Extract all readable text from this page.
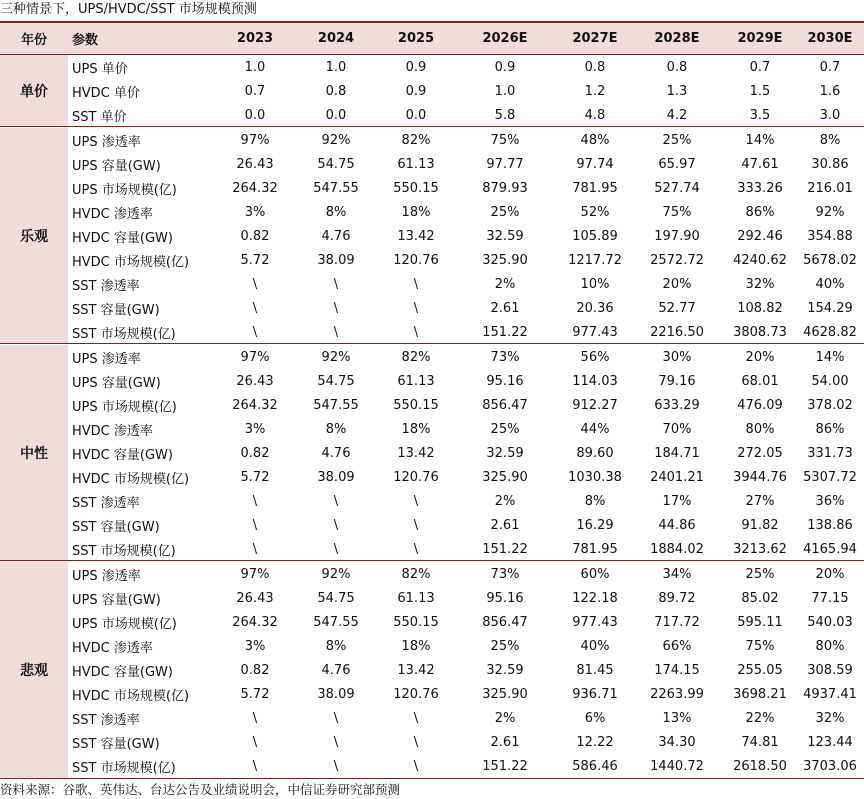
三种情景下，UPS/HVDC/SST 市场规模预测
年份	参数	2023	2024	2025	2026E	2027E	2028E	2029E	2030E
单价
UPS 单价	1.0	1.0	0.9	0.9	0.8	0.8	0.7	0.7
HVDC 单价	0.7	0.8	0.9	1.0	1.2	1.3	1.5	1.6
SST 单价	0.0	0.0	0.0	5.8	4.8	4.2	3.5	3.0
乐观
UPS 渗透率	97%	92%	82%	75%	48%	25%	14%	8%
UPS 容量(GW)	26.43	54.75	61.13	97.77	97.74	65.97	47.61	30.86
UPS 市场规模(亿)	264.32	547.55	550.15	879.93	781.95	527.74	333.26	216.01
HVDC 渗透率	3%	8%	18%	25%	52%	75%	86%	92%
HVDC 容量(GW)	0.82	4.76	13.42	32.59	105.89	197.90	292.46	354.88
HVDC 市场规模(亿)	5.72	38.09	120.76	325.90	1217.72	2572.72	4240.62	5678.02
SST 渗透率	\	\	\	2%	10%	20%	32%	40%
SST 容量(GW)	\	\	\	2.61	20.36	52.77	108.82	154.29
SST 市场规模(亿)	\	\	\	151.22	977.43	2216.50	3808.73	4628.82
中性
UPS 渗透率	97%	92%	82%	73%	56%	30%	20%	14%
UPS 容量(GW)	26.43	54.75	61.13	95.16	114.03	79.16	68.01	54.00
UPS 市场规模(亿)	264.32	547.55	550.15	856.47	912.27	633.29	476.09	378.02
HVDC 渗透率	3%	8%	18%	25%	44%	70%	80%	86%
HVDC 容量(GW)	0.82	4.76	13.42	32.59	89.60	184.71	272.05	331.73
HVDC 市场规模(亿)	5.72	38.09	120.76	325.90	1030.38	2401.21	3944.76	5307.72
SST 渗透率	\	\	\	2%	8%	17%	27%	36%
SST 容量(GW)	\	\	\	2.61	16.29	44.86	91.82	138.86
SST 市场规模(亿)	\	\	\	151.22	781.95	1884.02	3213.62	4165.94
悲观
UPS 渗透率	97%	92%	82%	73%	60%	34%	25%	20%
UPS 容量(GW)	26.43	54.75	61.13	95.16	122.18	89.72	85.02	77.15
UPS 市场规模(亿)	264.32	547.55	550.15	856.47	977.43	717.72	595.11	540.03
HVDC 渗透率	3%	8%	18%	25%	40%	66%	75%	80%
HVDC 容量(GW)	0.82	4.76	13.42	32.59	81.45	174.15	255.05	308.59
HVDC 市场规模(亿)	5.72	38.09	120.76	325.90	936.71	2263.99	3698.21	4937.41
SST 渗透率	\	\	\	2%	6%	13%	22%	32%
SST 容量(GW)	\	\	\	2.61	12.22	34.30	74.81	123.44
SST 市场规模(亿)	\	\	\	151.22	586.46	1440.72	2618.50	3703.06
资料来源：谷歌、英伟达、台达公告及业绩说明会，中信证券研究部预测
